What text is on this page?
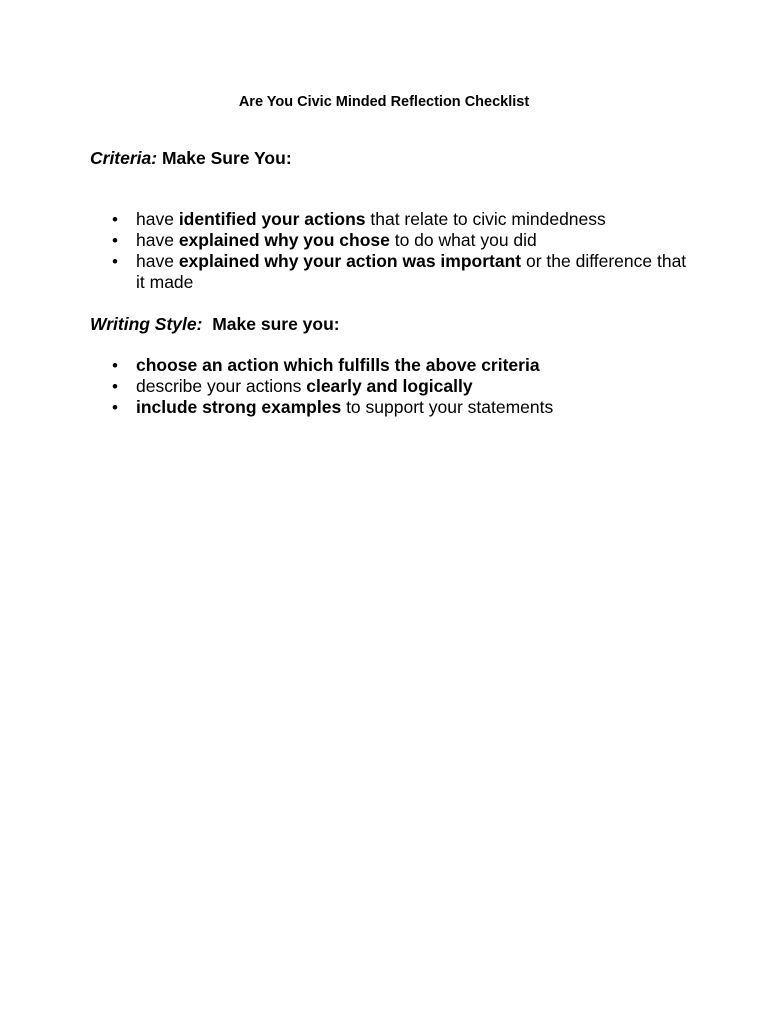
Are You Civic Minded Reflection Checklist
Criteria: Make Sure You:
• have identified your actions that relate to civic mindedness
• have explained why you chose to do what you did
• have explained why your action was important or the difference that it made
Writing Style:  Make sure you:
• choose an action which fulfills the above criteria
• describe your actions clearly and logically
• include strong examples to support your statements
